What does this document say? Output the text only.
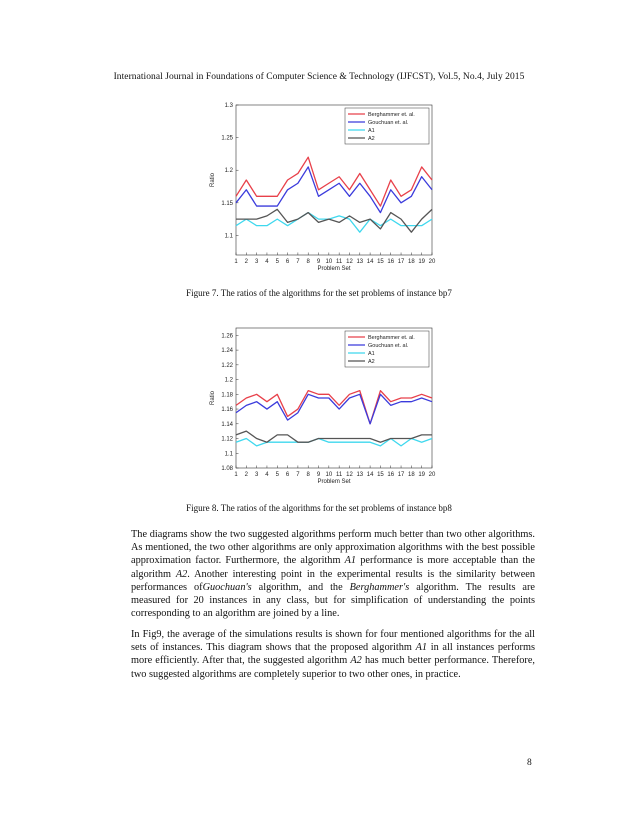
International Journal in Foundations of Computer Science & Technology (IJFCST), Vol.5, No.4, July 2015
1.1
1.15
1.2
1.25
1.3
1 2 3 4 5 6 7 8 9 10 11 12 13 14 15 16 17 18 19 20
Problem Set
Ratio
Berghammer et. al.
Gouchuan et. al.
A1
A2
Figure 7. The ratios of the algorithms for the set problems of instance bp7
1.08
1.1
1.12
1.14
1.16
1.18
1.2
1.22
1.24
1.26
1 2 3 4 5 6 7 8 9 10 11 12 13 14 15 16 17 18 19 20
Problem Set
Ratio
Berghammer et. al.
Gouchuan et. al.
A1
A2
Figure 8. The ratios of the algorithms for the set problems of instance bp8

The diagrams show the two suggested algorithms perform much better than two other algorithms. As mentioned, the two other algorithms are only approximation algorithms with the best possible approximation factor. Furthermore, the algorithm A1 performance is more acceptable than the algorithm A2. Another interesting point in the experimental results is the similarity between performances ofGuochuan's algorithm, and the Berghammer's algorithm. The results are measured for 20 instances in any class, but for simplification of understanding the points corresponding to an algorithm are joined by a line.

In Fig9, the average of the simulations results is shown for four mentioned algorithms for the all sets of instances. This diagram shows that the proposed algorithm A1 in all instances performs more efficiently. After that, the suggested algorithm A2 has much better performance. Therefore, two suggested algorithms are completely superior to two other ones, in practice.

8
